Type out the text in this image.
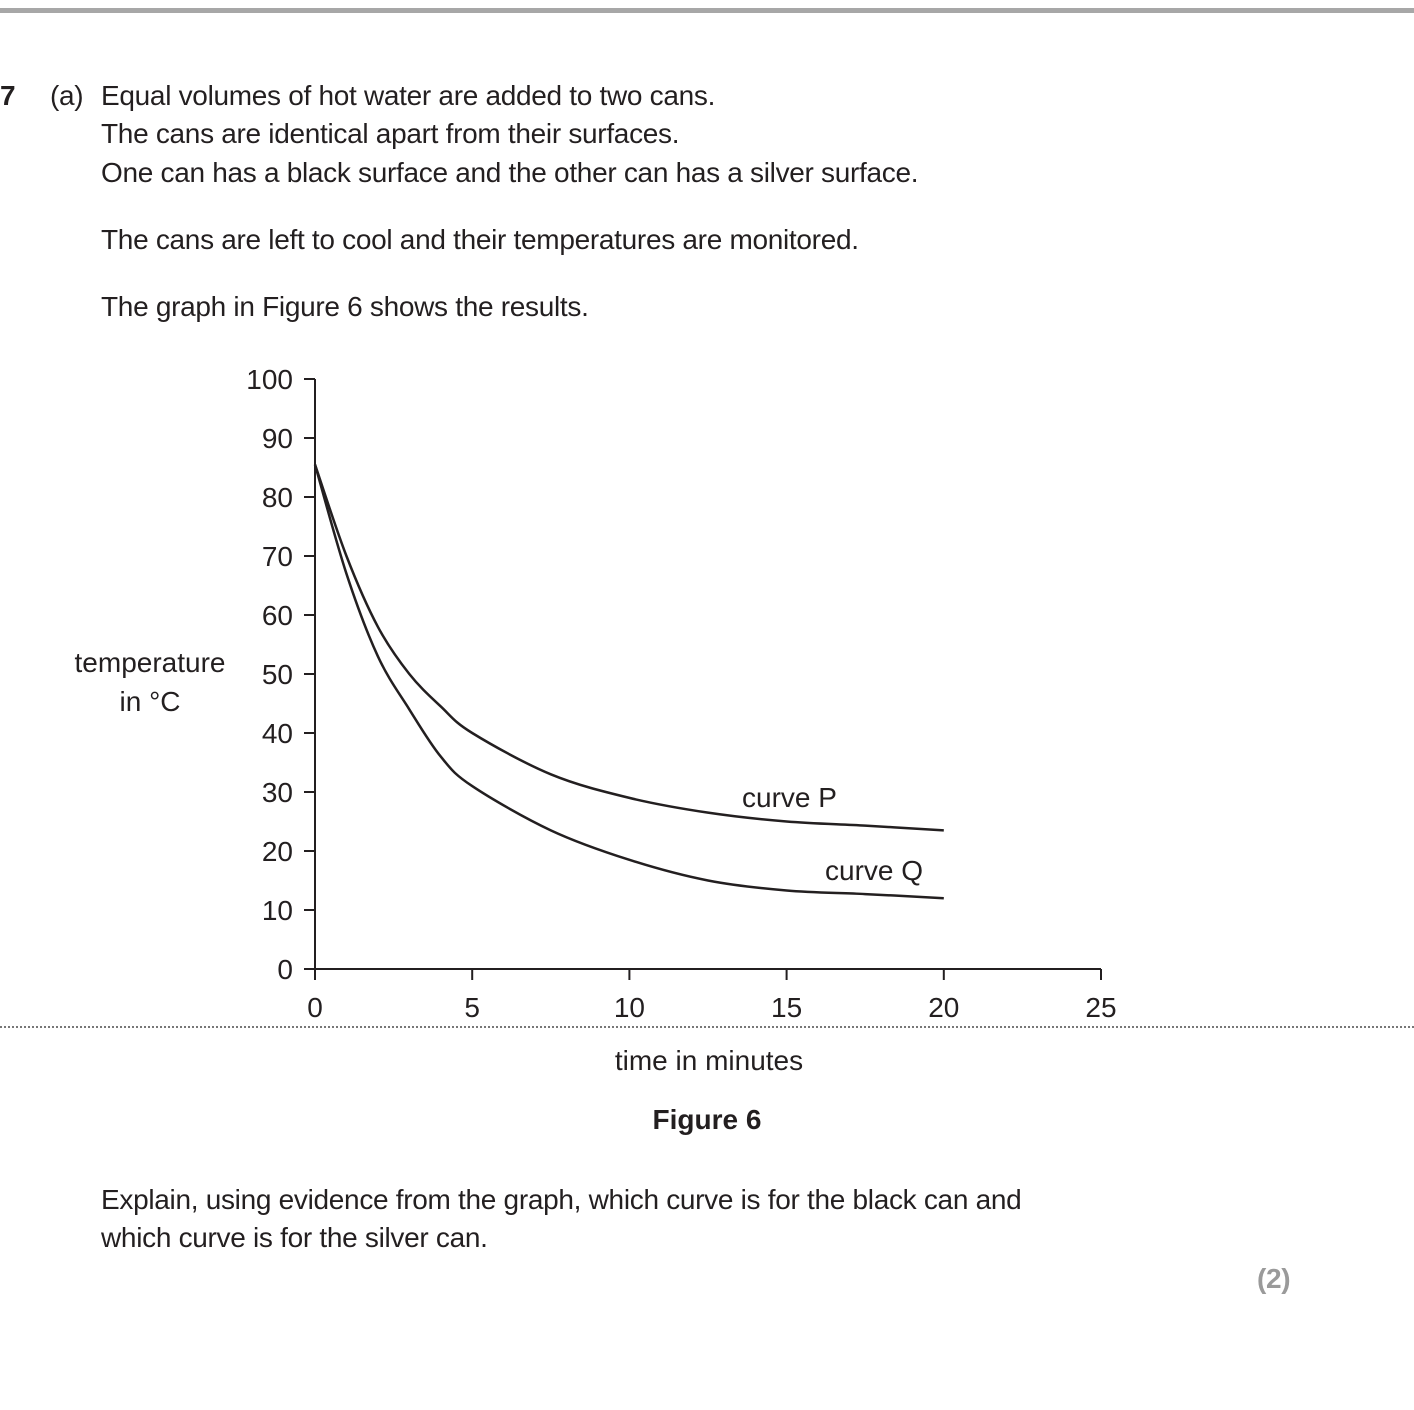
7 (a) Equal volumes of hot water are added to two cans.
The cans are identical apart from their surfaces.
One can has a black surface and the other can has a silver surface.
The cans are left to cool and their temperatures are monitored.
The graph in Figure 6 shows the results.
0
10
20
30
40
50
60
70
80
90
100
0	5	10	15	20	25
temperature
in °C
time in minutes
Figure 6
curve P
curve Q
Explain, using evidence from the graph, which curve is for the black can and
which curve is for the silver can.
(2)
